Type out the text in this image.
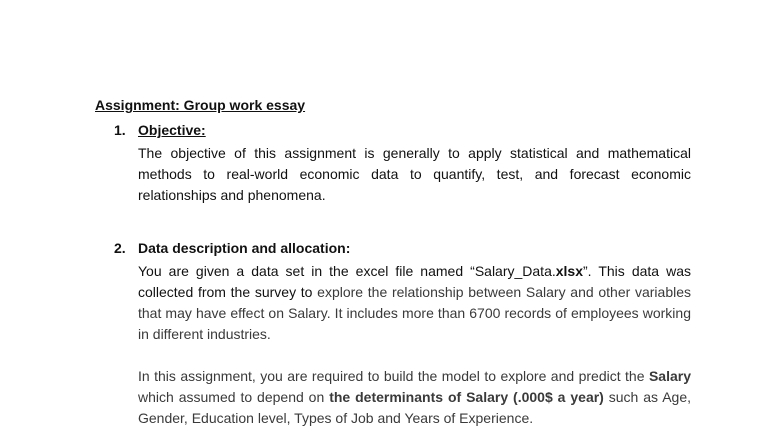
Assignment: Group work essay
1. Objective:
The objective of this assignment is generally to apply statistical and mathematical methods to real-world economic data to quantify, test, and forecast economic relationships and phenomena.
2. Data description and allocation:
You are given a data set in the excel file named “Salary_Data.xlsx”. This data was collected from the survey to explore the relationship between Salary and other variables that may have effect on Salary. It includes more than 6700 records of employees working in different industries.
In this assignment, you are required to build the model to explore and predict the Salary which assumed to depend on the determinants of Salary (.000$ a year) such as Age, Gender, Education level, Types of Job and Years of Experience.
